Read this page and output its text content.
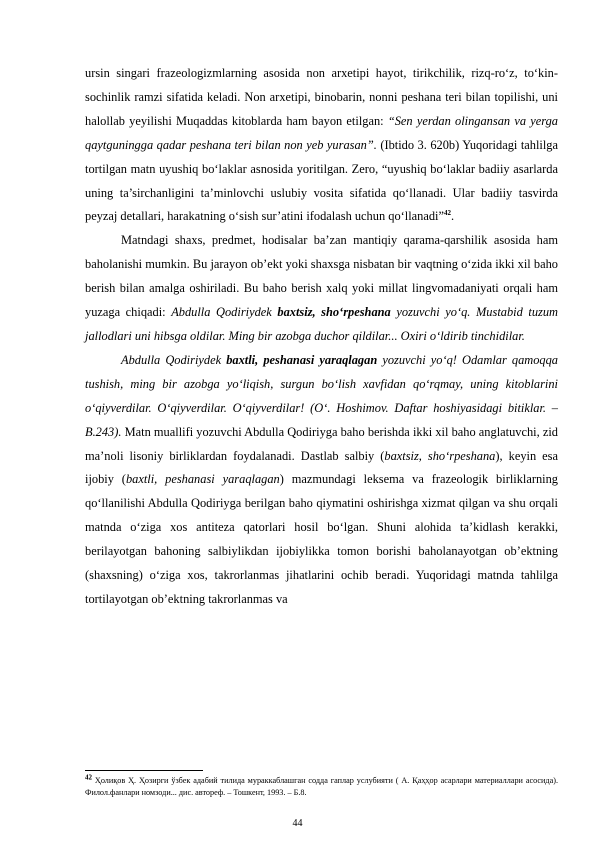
ursin singari frazeologizmlarning asosida non arxetipi hayot, tirikchilik, rizq-ro‘z, to‘kin-sochinlik ramzi sifatida keladi. Non arxetipi, binobarin, nonni peshana teri bilan topilishi, uni halollab yeyilishi Muqaddas kitoblarda ham bayon etilgan: “Sen yerdan olingansan va yerga qaytguningga qadar peshana teri bilan non yeb yurasan”. (Ibtido 3. 620b) Yuqoridagi tahlilga tortilgan matn uyushiq bo‘laklar asnosida yoritilgan. Zero, “uyushiq bo‘laklar badiiy asarlarda uning ta’sirchanligini ta’minlovchi uslubiy vosita sifatida qo‘llanadi. Ular badiiy tasvirda peyzaj detallari, harakatning o‘sish sur’atini ifodalash uchun qo‘llanadi”$^{42}$.

Matndagi shaxs, predmet, hodisalar ba’zan mantiqiy qarama-qarshilik asosida ham baholanishi mumkin. Bu jarayon ob’ekt yoki shaxsga nisbatan bir vaqtning o‘zida ikki xil baho berish bilan amalga oshiriladi. Bu baho berish xalq yoki millat lingvomadaniyati orqali ham yuzaga chiqadi: Abdulla Qodiriydek baxtsiz, sho‘rpeshana yozuvchi yo‘q. Mustabid tuzum jallodlari uni hibsga oldilar. Ming bir azobga duchor qildilar... Oxiri o‘ldirib tinchidilar.

Abdulla Qodiriydek baxtli, peshanasi yaraqlagan yozuvchi yo‘q! Odamlar qamoqqa tushish, ming bir azobga yo‘liqish, surgun bo‘lish xavfidan qo‘rqmay, uning kitoblarini o‘qiyverdilar. O‘qiyverdilar. O‘qiyverdilar! (O‘. Hoshimov. Daftar hoshiyasidagi bitiklar. – B.243). Matn muallifi yozuvchi Abdulla Qodiriyga baho berishda ikki xil baho anglatuvchi, zid ma’noli lisoniy birliklardan foydalanadi. Dastlab salbiy (baxtsiz, sho‘rpeshana), keyin esa ijobiy (baxtli, peshanasi yaraqlagan) mazmundagi leksema va frazeologik birliklarning qo‘llanilishi Abdulla Qodiriyga berilgan baho qiymatini oshirishga xizmat qilgan va shu orqali matnda o‘ziga xos antiteza qatorlari hosil bo‘lgan. Shuni alohida ta’kidlash kerakki, berilayotgan bahoning salbiylikdan ijobiylikka tomon borishi baholanayotgan ob’ektning (shaxsning) o‘ziga xos, takrorlanmas jihatlarini ochib beradi. Yuqoridagi matnda tahlilga tortilayotgan ob’ektning takrorlanmas va

42 Ҳолиқов Ҳ. Ҳозирги ўзбек адабий тилида мураккаблашган содда гаплар услубияти ( А. Қаҳҳор асарлари материаллари асосида). Филол.фанлари номзоди... дис. автореф. – Тошкент, 1993. – Б.8.
44
